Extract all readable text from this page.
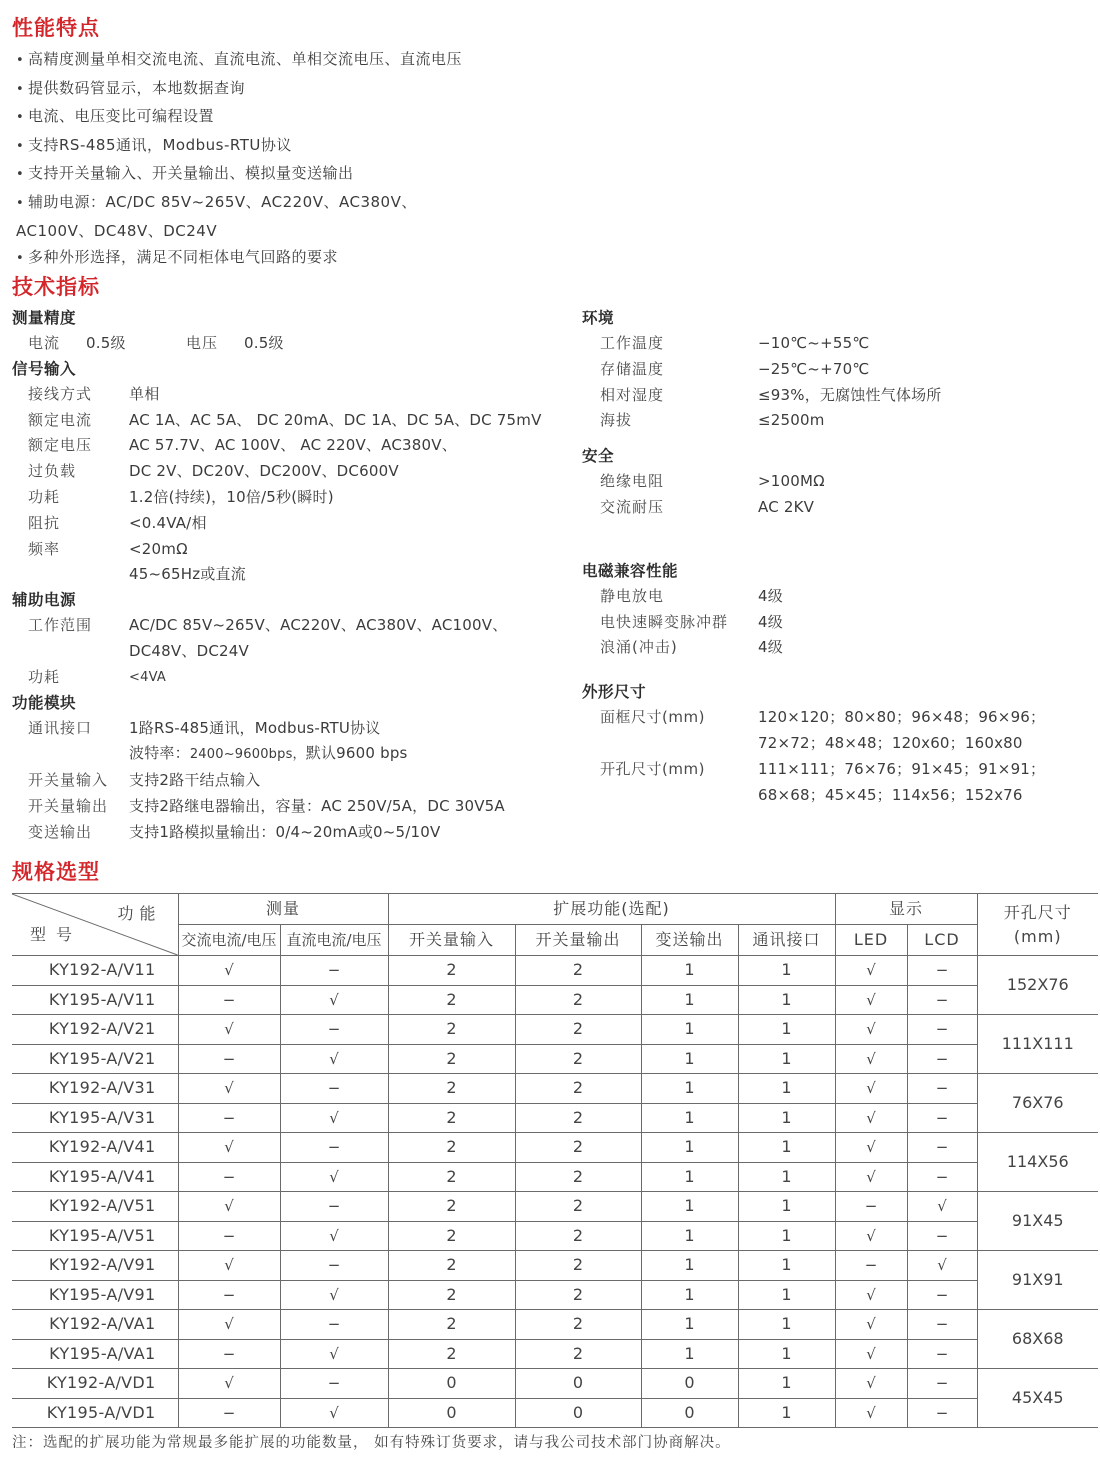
性能特点
• 高精度测量单相交流电流、直流电流、单相交流电压、直流电压
• 提供数码管显示，本地数据查询
• 电流、电压变比可编程设置
• 支持RS-485通讯，Modbus-RTU协议
• 支持开关量输入、开关量输出、模拟量变送输出
• 辅助电源：AC/DC 85V~265V、AC220V、AC380V、
AC100V、DC48V、DC24V
• 多种外形选择，满足不同柜体电气回路的要求
技术指标
测量精度
电流	0.5级	电压	0.5级
信号输入
接线方式	单相
额定电流	AC 1A、AC 5A、 DC 20mA、DC 1A、DC 5A、DC 75mV
额定电压	AC 57.7V、AC 100V、 AC 220V、AC380V、
过负载	DC 2V、DC20V、DC200V、DC600V
功耗	1.2倍(持续)，10倍/5秒(瞬时)
阻抗	<0.4VA/相
频率	<20mΩ
45~65Hz或直流
辅助电源
工作范围	AC/DC 85V~265V、AC220V、AC380V、AC100V、
DC48V、DC24V
功耗	<4VA
功能模块
通讯接口	1路RS-485通讯，Modbus-RTU协议
波特率：2400~9600bps，默认9600 bps
开关量输入	支持2路干结点输入
开关量输出	支持2路继电器输出，容量：AC 250V/5A，DC 30V5A
变送输出	支持1路模拟量输出：0/4~20mA或0~5/10V
环境
工作温度	−10℃~+55℃
存储温度	−25℃~+70℃
相对湿度	≤93%，无腐蚀性气体场所
海拔	≤2500m
安全
绝缘电阻	>100MΩ
交流耐压	AC 2KV
电磁兼容性能
静电放电	4级
电快速瞬变脉冲群	4级
浪涌(冲击)	4级
外形尺寸
面框尺寸(mm)	120×120；80×80；96×48；96×96；
72×72；48×48；120x60；160x80
开孔尺寸(mm)	111×111；76×76；91×45；91×91；
68×68；45×45；114x56；152x76
规格选型
功能
型号	测量		扩展功能(选配)				显示		开孔尺寸
(mm)
	交流电流/电压	直流电流/电压	开关量输入	开关量输出	变送输出	通讯接口	LED	LCD	
KY192-A/V11	√	−	2	2	1	1	√	−	152X76
KY195-A/V11	−	√	2	2	1	1	√	−	
KY192-A/V21	√	−	2	2	1	1	√	−	111X111
KY195-A/V21	−	√	2	2	1	1	√	−	
KY192-A/V31	√	−	2	2	1	1	√	−	76X76
KY195-A/V31	−	√	2	2	1	1	√	−	
KY192-A/V41	√	−	2	2	1	1	√	−	114X56
KY195-A/V41	−	√	2	2	1	1	√	−	
KY192-A/V51	√	−	2	2	1	1	−	√	91X45
KY195-A/V51	−	√	2	2	1	1	√	−	
KY192-A/V91	√	−	2	2	1	1	−	√	91X91
KY195-A/V91	−	√	2	2	1	1	√	−	
KY192-A/VA1	√	−	2	2	1	1	√	−	68X68
KY195-A/VA1	−	√	2	2	1	1	√	−	
KY192-A/VD1	√	−	0	0	0	1	√	−	45X45
KY195-A/VD1	−	√	0	0	0	1	√	−	
注：选配的扩展功能为常规最多能扩展的功能数量， 如有特殊订货要求，请与我公司技术部门协商解决。
